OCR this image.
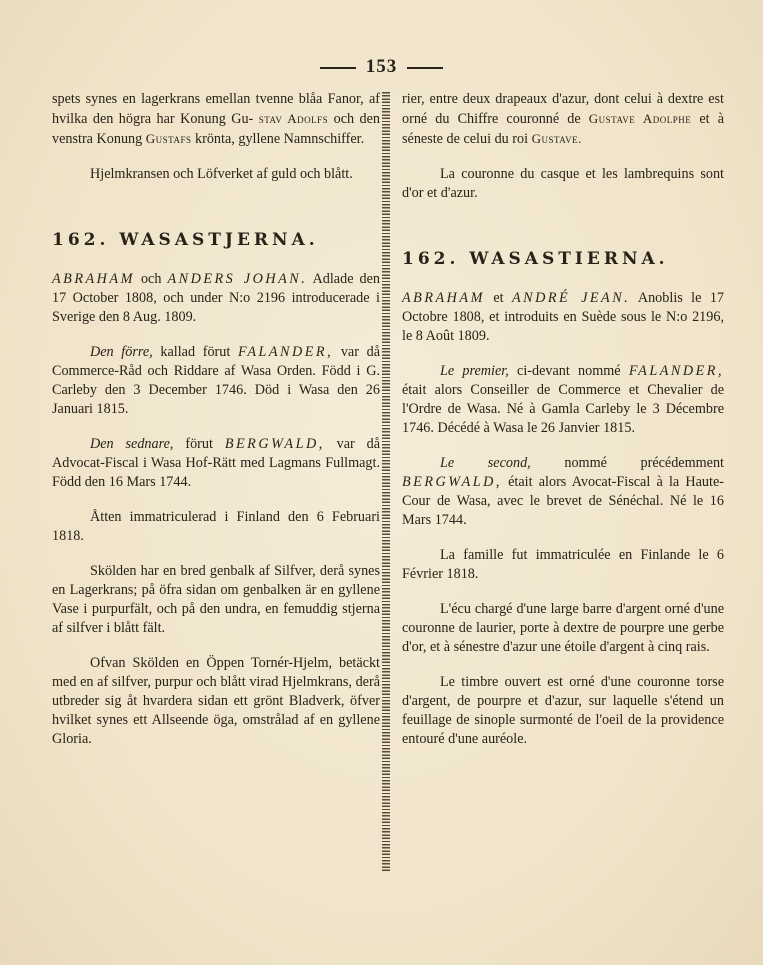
153

spets synes en lagerkrans emellan tvenne blåa Fanor, af hvilka den högra har Konung Gu- stav Adolfs och den venstra Konung Gustafs krönta, gyllene Namnschiffer.

Hjelmkransen och Löfverket af guld och blått.

162. WASASTJERNA.

ABRAHAM och ANDERS JOHAN. Adlade den 17 October 1808, och under N:o 2196 introducerade i Sverige den 8 Aug. 1809.

Den förre, kallad förut FALANDER, var då Commerce-Råd och Riddare af Wasa Orden. Född i G. Carleby den 3 December 1746. Död i Wasa den 26 Januari 1815.

Den sednare, förut BERGWALD, var då Advocat-Fiscal i Wasa Hof-Rätt med Lagmans Fullmagt. Född den 16 Mars 1744.

Åtten immatriculerad i Finland den 6 Februari 1818.

Skölden har en bred genbalk af Silfver, derå synes en Lagerkrans; på öfra sidan om genbalken är en gyllene Vase i purpurfält, och på den undra, en femuddig stjerna af silfver i blått fält.

Ofvan Skölden en Öppen Tornér-Hjelm, betäckt med en af silfver, purpur och blått virad Hjelmkrans, derå utbreder sig åt hvardera sidan ett grönt Bladverk, öfver hvilket synes ett Allseende öga, omstrålad af en gyllene Gloria.

rier, entre deux drapeaux d'azur, dont celui à dextre est orné du Chiffre couronné de Gustave Adolphe et à séneste de celui du roi Gustave.

La couronne du casque et les lambrequins sont d'or et d'azur.

162. WASASTIERNA.

ABRAHAM et ANDRÉ JEAN. Anoblis le 17 Octobre 1808, et introduits en Suède sous le N:o 2196, le 8 Août 1809.

Le premier, ci-devant nommé FALANDER, était alors Conseiller de Commerce et Chevalier de l'Ordre de Wasa. Né à Gamla Carleby le 3 Décembre 1746. Décédé à Wasa le 26 Janvier 1815.

Le second, nommé précédemment BERGWALD, était alors Avocat-Fiscal à la Haute-Cour de Wasa, avec le brevet de Sénéchal. Né le 16 Mars 1744.

La famille fut immatriculée en Finlande le 6 Février 1818.

L'écu chargé d'une large barre d'argent orné d'une couronne de laurier, porte à dextre de pourpre une gerbe d'or, et à sénestre d'azur une étoile d'argent à cinq rais.

Le timbre ouvert est orné d'une couronne torse d'argent, de pourpre et d'azur, sur laquelle s'étend un feuillage de sinople surmonté de l'oeil de la providence entouré d'une auréole.
